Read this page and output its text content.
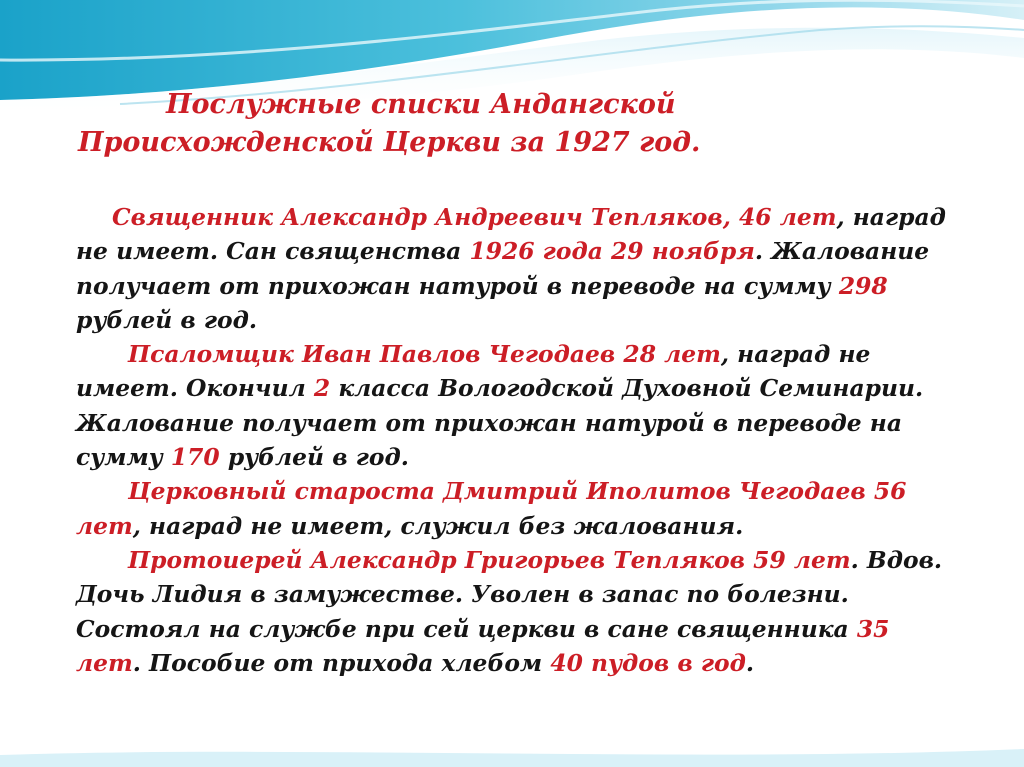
Послужные списки Андангской
Происхожденской Церкви за 1927 год.

Священник Александр Андреевич Тепляков, 46 лет, наград не имеет. Сан священства 1926 года 29 ноября. Жалование получает от прихожан натурой в переводе на сумму 298 рублей в год.

Псаломщик Иван Павлов Чегодаев 28 лет, наград не имеет. Окончил 2 класса Вологодской Духовной Семинарии. Жалование получает от прихожан натурой в переводе на сумму 170 рублей в год.

Церковный староста Дмитрий Иполитов Чегодаев 56 лет, наград не имеет, служил без жалования.

Протоиерей Александр Григорьев Тепляков 59 лет. Вдов. Дочь Лидия в замужестве. Уволен в запас по болезни. Состоял на службе при сей церкви в сане священника 35 лет. Пособие от прихода хлебом 40 пудов в год.
